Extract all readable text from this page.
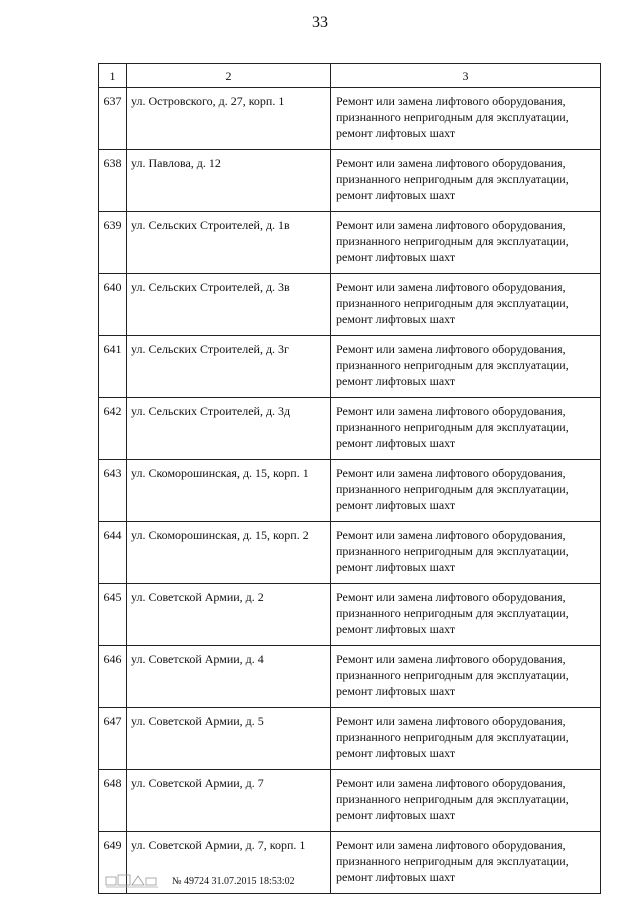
33
1	2	3
637	ул. Островского, д. 27, корп. 1	Ремонт или замена лифтового оборудования,
признанного непригодным для эксплуатации,
ремонт лифтовых шахт

638	ул. Павлова, д. 12	Ремонт или замена лифтового оборудования,
признанного непригодным для эксплуатации,
ремонт лифтовых шахт

639	ул. Сельских Строителей, д. 1в	Ремонт или замена лифтового оборудования,
признанного непригодным для эксплуатации,
ремонт лифтовых шахт

640	ул. Сельских Строителей, д. 3в	Ремонт или замена лифтового оборудования,
признанного непригодным для эксплуатации,
ремонт лифтовых шахт

641	ул. Сельских Строителей, д. 3г	Ремонт или замена лифтового оборудования,
признанного непригодным для эксплуатации,
ремонт лифтовых шахт

642	ул. Сельских Строителей, д. 3д	Ремонт или замена лифтового оборудования,
признанного непригодным для эксплуатации,
ремонт лифтовых шахт

643	ул. Скоморошинская, д. 15, корп. 1	Ремонт или замена лифтового оборудования,
признанного непригодным для эксплуатации,
ремонт лифтовых шахт

644	ул. Скоморошинская, д. 15, корп. 2	Ремонт или замена лифтового оборудования,
признанного непригодным для эксплуатации,
ремонт лифтовых шахт

645	ул. Советской Армии, д. 2	Ремонт или замена лифтового оборудования,
признанного непригодным для эксплуатации,
ремонт лифтовых шахт

646	ул. Советской Армии, д. 4	Ремонт или замена лифтового оборудования,
признанного непригодным для эксплуатации,
ремонт лифтовых шахт

647	ул. Советской Армии, д. 5	Ремонт или замена лифтового оборудования,
признанного непригодным для эксплуатации,
ремонт лифтовых шахт

648	ул. Советской Армии, д. 7	Ремонт или замена лифтового оборудования,
признанного непригодным для эксплуатации,
ремонт лифтовых шахт

649	ул. Советской Армии, д. 7, корп. 1	Ремонт или замена лифтового оборудования,
признанного непригодным для эксплуатации,
ремонт лифтовых шахт
№ 49724 31.07.2015 18:53:02
